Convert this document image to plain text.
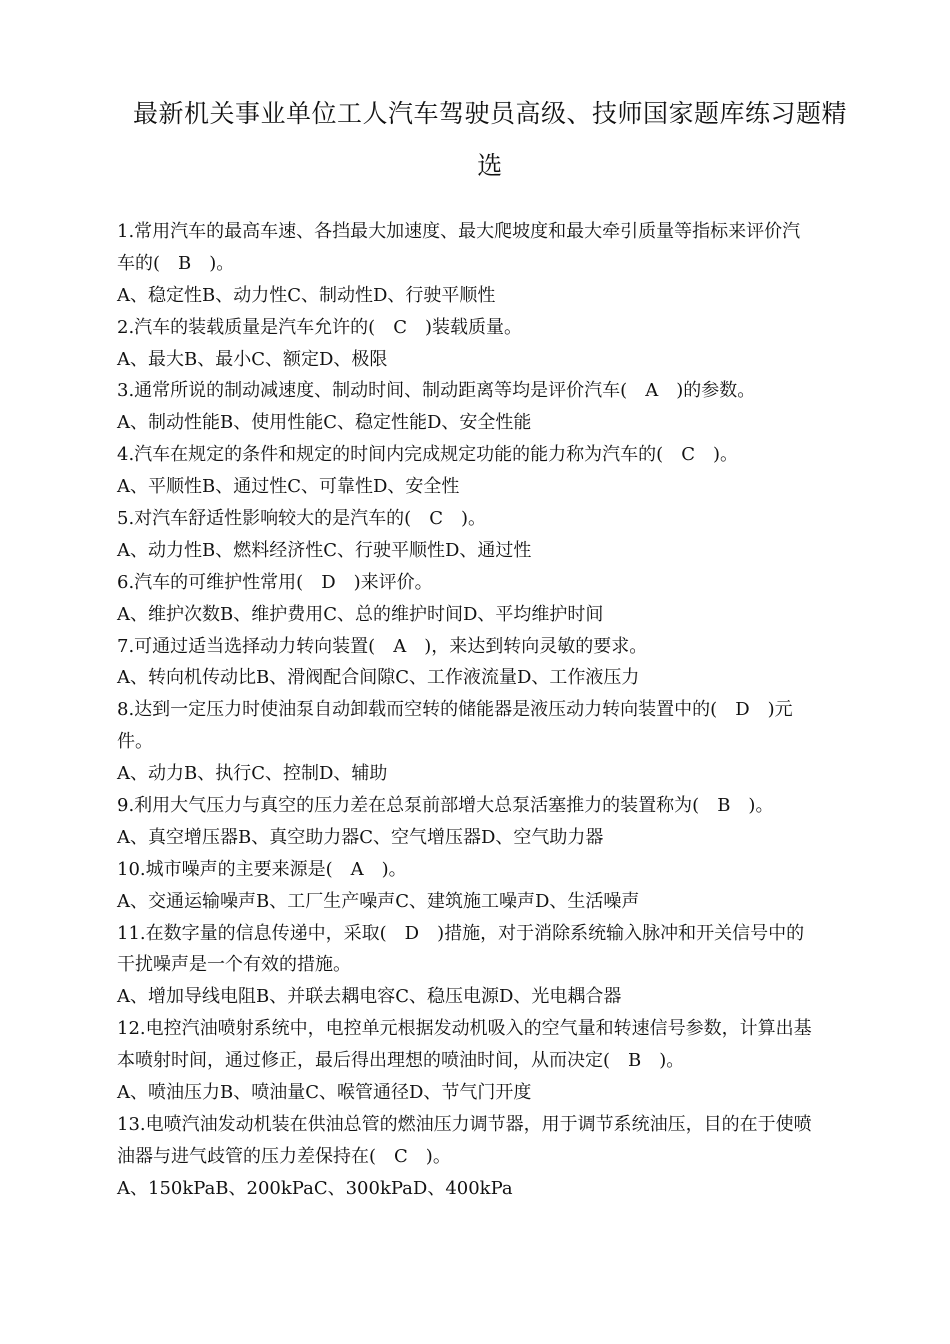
最新机关事业单位工人汽车驾驶员高级、技师国家题库练习题精
选
1.常用汽车的最高车速、各挡最大加速度、最大爬坡度和最大牵引质量等指标来评价汽
车的(　B　)。
A、稳定性B、动力性C、制动性D、行驶平顺性
2.汽车的装载质量是汽车允许的(　C　)装载质量。
A、最大B、最小C、额定D、极限
3.通常所说的制动减速度、制动时间、制动距离等均是评价汽车(　A　)的参数。
A、制动性能B、使用性能C、稳定性能D、安全性能
4.汽车在规定的条件和规定的时间内完成规定功能的能力称为汽车的(　C　)。
A、平顺性B、通过性C、可靠性D、安全性
5.对汽车舒适性影响较大的是汽车的(　C　)。
A、动力性B、燃料经济性C、行驶平顺性D、通过性
6.汽车的可维护性常用(　D　)来评价。
A、维护次数B、维护费用C、总的维护时间D、平均维护时间
7.可通过适当选择动力转向装置(　A　)，来达到转向灵敏的要求。
A、转向机传动比B、滑阀配合间隙C、工作液流量D、工作液压力
8.达到一定压力时使油泵自动卸载而空转的储能器是液压动力转向装置中的(　D　)元
件。
A、动力B、执行C、控制D、辅助
9.利用大气压力与真空的压力差在总泵前部增大总泵活塞推力的装置称为(　B　)。
A、真空增压器B、真空助力器C、空气增压器D、空气助力器
10.城市噪声的主要来源是(　A　)。
A、交通运输噪声B、工厂生产噪声C、建筑施工噪声D、生活噪声
11.在数字量的信息传递中，采取(　D　)措施，对于消除系统输入脉冲和开关信号中的
干扰噪声是一个有效的措施。
A、增加导线电阻B、并联去耦电容C、稳压电源D、光电耦合器
12.电控汽油喷射系统中，电控单元根据发动机吸入的空气量和转速信号参数，计算出基
本喷射时间，通过修正，最后得出理想的喷油时间，从而决定(　B　)。
A、喷油压力B、喷油量C、喉管通径D、节气门开度
13.电喷汽油发动机装在供油总管的燃油压力调节器，用于调节系统油压，目的在于使喷
油器与进气歧管的压力差保持在(　C　)。
A、150kPaB、200kPaC、300kPaD、400kPa
